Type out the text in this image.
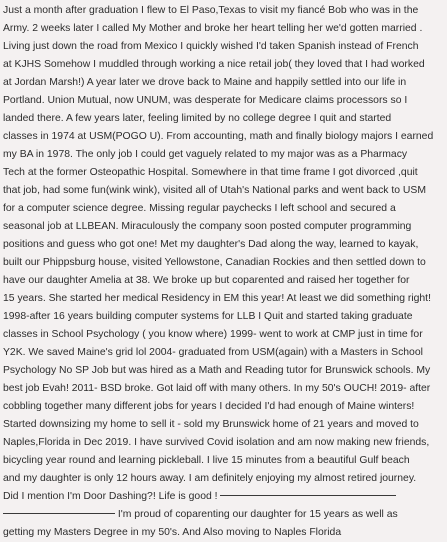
Just a month after graduation I flew to El Paso,Texas to visit my fiancé Bob who was in the
Army. 2 weeks later I called My Mother and broke her heart telling her we'd gotten married .
Living just down the road from Mexico I quickly wished I'd taken Spanish instead of French
at KJHS Somehow I muddled through working a nice retail job( they loved that I had worked
at Jordan Marsh!) A year later we drove back to Maine and happily settled into our life in
Portland. Union Mutual, now UNUM, was desperate for Medicare claims processors so I
landed there. A few years later, feeling limited by no college degree I quit and started
classes in 1974 at USM(POGO U). From accounting, math and finally biology majors I earned
my BA in 1978. The only job I could get vaguely related to my major was as a Pharmacy
Tech at the former Osteopathic Hospital. Somewhere in that time frame I got divorced ,quit
that job, had some fun(wink wink), visited all of Utah's National parks and went back to USM
for a computer science degree. Missing regular paychecks I left school and secured a
seasonal job at LLBEAN. Miraculously the company soon posted computer programming
positions and guess who got one! Met my daughter's Dad along the way, learned to kayak,
built our Phippsburg house, visited Yellowstone, Canadian Rockies and then settled down to
have our daughter Amelia at 38. We broke up but coparented and raised her together for
15 years. She started her medical Residency in EM this year! At least we did something right!
1998-after 16 years building computer systems for LLB I Quit and started taking graduate
classes in School Psychology ( you know where) 1999- went to work at CMP just in time for
Y2K. We saved Maine's grid lol 2004- graduated from USM(again) with a Masters in School
Psychology No SP Job but was hired as a Math and Reading tutor for Brunswick schools. My
best job Evah! 2011- BSD broke. Got laid off with many others. In my 50's OUCH! 2019- after
cobbling together many different jobs for years I decided I'd had enough of Maine winters!
Started downsizing my home to sell it - sold my Brunswick home of 21 years and moved to
Naples,Florida in Dec 2019. I have survived Covid isolation and am now making new friends,
bicycling year round and learning pickleball. I live 15 minutes from a beautiful Gulf beach
and my daughter is only 12 hours away. I am definitely enjoying my almost retired journey.
Did I mention I'm Door Dashing?! Life is good !
I'm proud of coparenting our daughter for 15 years as well as
getting my Masters Degree in my 50's. And Also moving to Naples Florida
